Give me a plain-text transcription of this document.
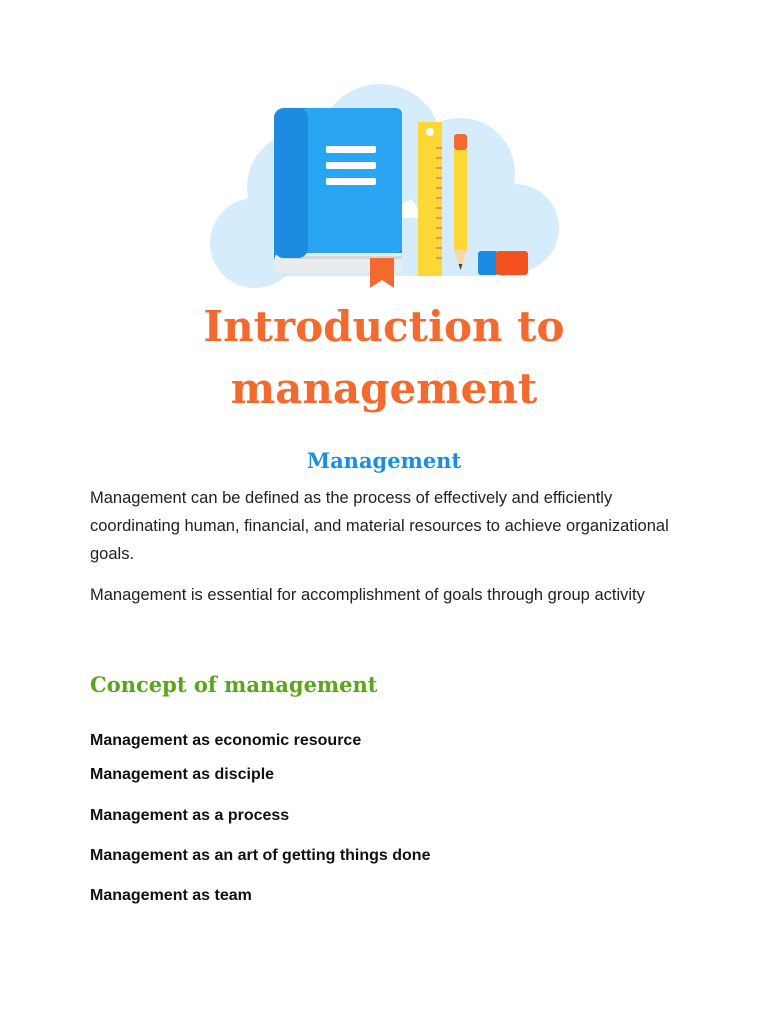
Introduction to
management
Management

Management can be defined as the process of effectively and efficiently coordinating human, financial, and material resources to achieve organizational goals.

Management is essential for accomplishment of goals through group activity

Concept of management

Management as economic resource

Management as disciple

Management as a process

Management as an art of getting things done

Management as team
